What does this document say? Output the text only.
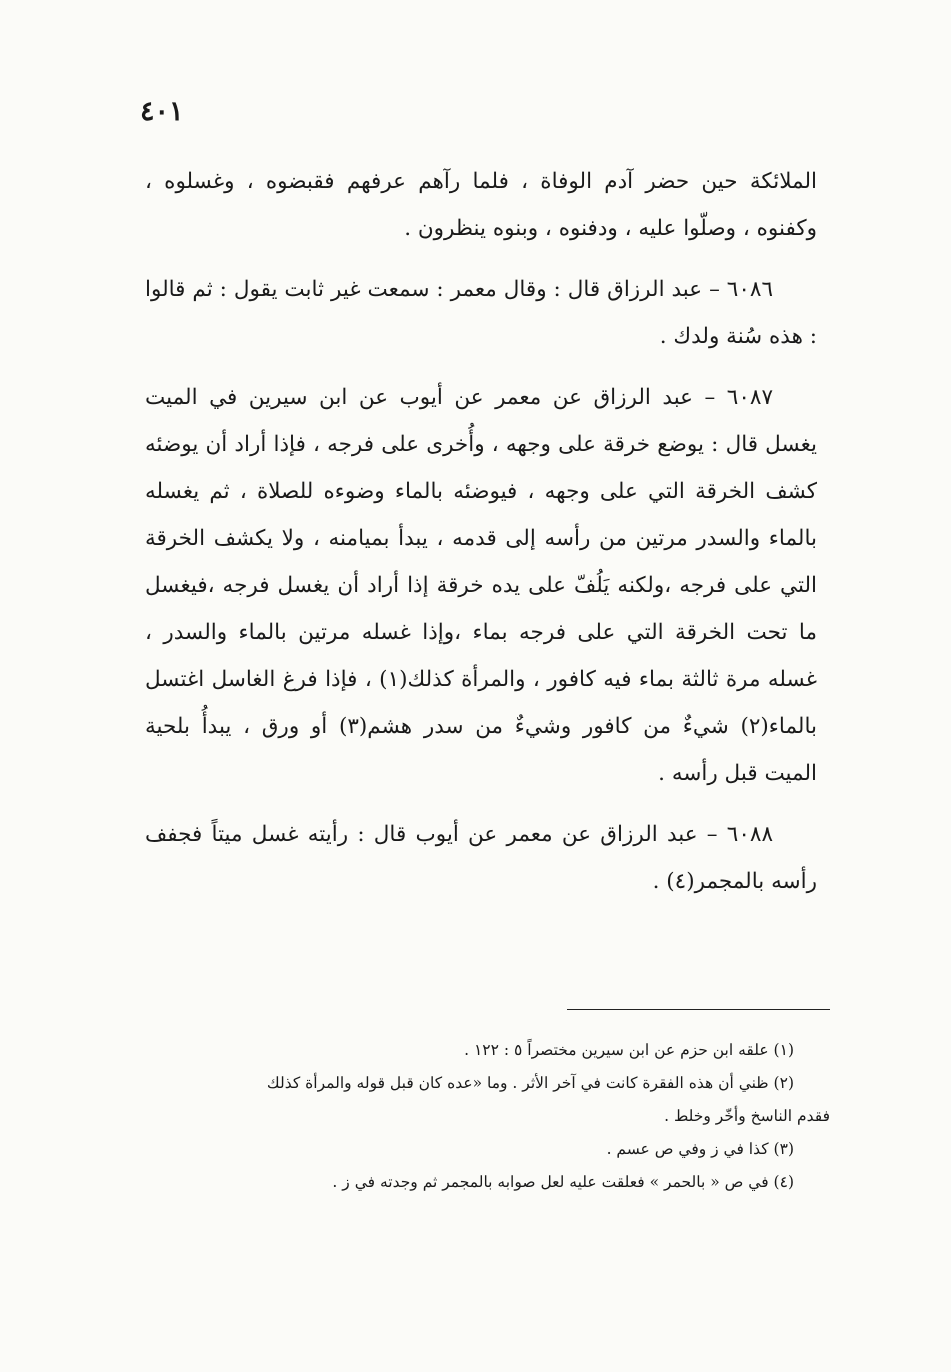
٤٠١

الملائكة حين حضر آدم الوفاة ، فلما رآهم عرفهم فقبضوه ، وغسلوه ، وكفنوه ، وصلّوا عليه ، ودفنوه ، وبنوه ينظرون .

٦٠٨٦ – عبد الرزاق قال : وقال معمر : سمعت غير ثابت يقول : ثم قالوا : هذه سُنة ولدك .

٦٠٨٧ – عبد الرزاق عن معمر عن أيوب عن ابن سيرين في الميت يغسل قال : يوضع خرقة على وجهه ، وأُخرى على فرجه ، فإذا أراد أن يوضئه كشف الخرقة التي على وجهه ، فيوضئه بالماء وضوءه للصلاة ، ثم يغسله بالماء والسدر مرتين من رأسه إلى قدمه ، يبدأ بميامنه ، ولا يكشف الخرقة التي على فرجه ،ولكنه يَلُفّ على يده خرقة إذا أراد أن يغسل فرجه ،فيغسل ما تحت الخرقة التي على فرجه بماء ،وإذا غسله مرتين بالماء والسدر ، غسله مرة ثالثة بماء فيه كافور ، والمرأة كذلك(١) ، فإذا فرغ الغاسل اغتسل بالماء(٢) شيءٌ من كافور وشيءٌ من سدر هشم(٣) أو ورق ، يبدأُ بلحية الميت قبل رأسه .

٦٠٨٨ – عبد الرزاق عن معمر عن أيوب قال : رأيته غسل ميتاً فجفف رأسه بالمجمر(٤) .

(١) علقه ابن حزم عن ابن سيرين مختصراً ٥ : ١٢٢ .

(٢) ظني أن هذه الفقرة كانت في آخر الأثر . وما «عده كان قبل قوله والمرأة كذلك

فقدم الناسخ وأخّر وخلط .

(٣) كذا في ز وفي ص عسم .

(٤) في ص « بالحمر » فعلقت عليه لعل صوابه بالمجمر ثم وجدته في ز .
